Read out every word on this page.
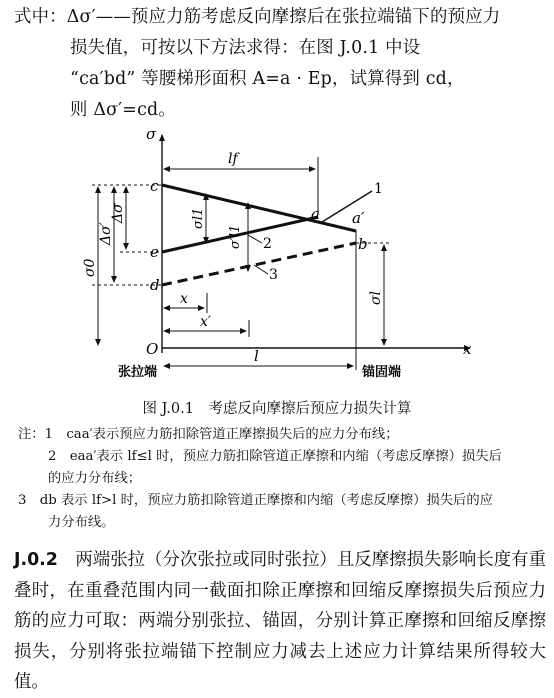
式中：Δσ′——预应力筋考虑反向摩擦后在张拉端锚下的预应力

损失值，可按以下方法求得：在图 J.0.1 中设

“ca′bd” 等腰梯形面积 A=a · Ep，试算得到 cd，

则 Δσ′=cd。

σ
x
O
c
e
d
a a′
b
lf
Δσ
Δσ′
σ0
σl1
σ′l1
σl
x
x′
l
1
2
3
张拉端	锚固端
图 J.0.1　考虑反向摩擦后预应力损失计算
注：1　caa′表示预应力筋扣除管道正摩擦损失后的应力分布线；
2　eaa′表示 lf≤l 时，预应力筋扣除管道正摩擦和内缩（考虑反摩擦）损失后
的应力分布线；
3　db 表示 lf>l 时，预应力筋扣除管道正摩擦和内缩（考虑反摩擦）损失后的应
力分布线。
J.0.2　 两端张拉（分次张拉或同时张拉）且反摩擦损失影响长度有重叠时，在重叠范围内同一截面扣除正摩擦和回缩反摩擦损失后预应力筋的应力可取：两端分别张拉、锚固，分别计算正摩擦和回缩反摩擦损失，分别将张拉端锚下控制应力减去上述应力计算结果所得较大值。
